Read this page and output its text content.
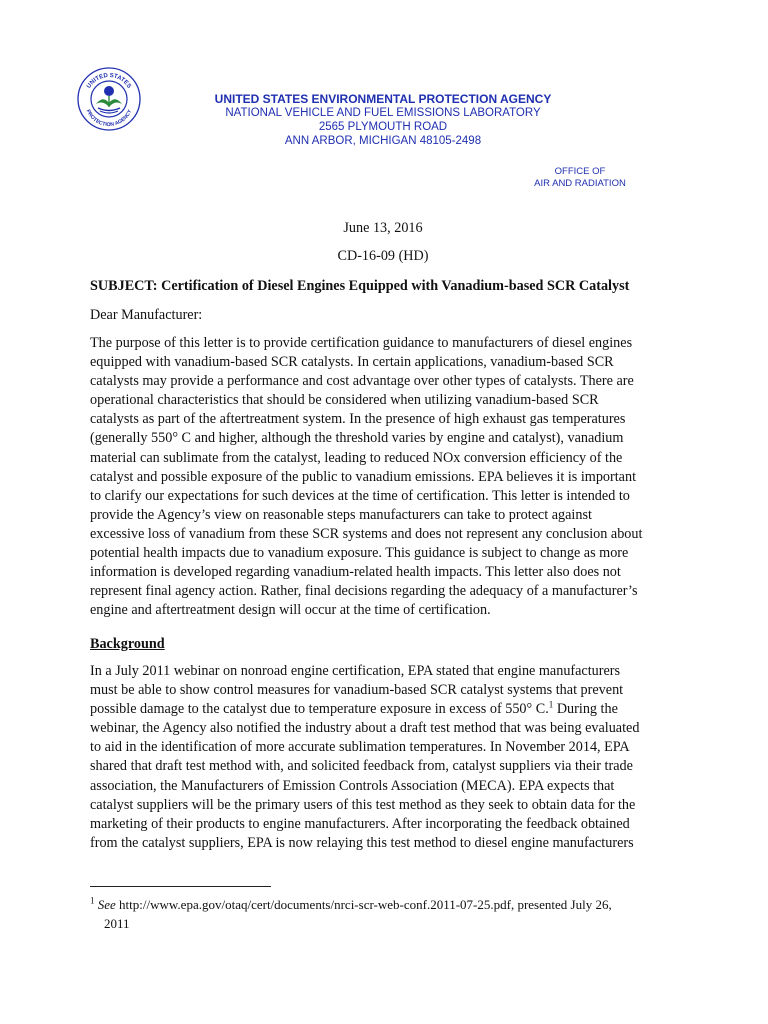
UNITED STATES
PROTECTION AGENCY
UNITED STATES ENVIRONMENTAL PROTECTION AGENCY
NATIONAL VEHICLE AND FUEL EMISSIONS LABORATORY
2565 PLYMOUTH ROAD
ANN ARBOR, MICHIGAN 48105-2498
OFFICE OF
AIR AND RADIATION
June 13, 2016
CD-16-09 (HD)
SUBJECT: Certification of Diesel Engines Equipped with Vanadium-based SCR Catalyst
Dear Manufacturer:
The purpose of this letter is to provide certification guidance to manufacturers of diesel engines
equipped with vanadium-based SCR catalysts. In certain applications, vanadium-based SCR
catalysts may provide a performance and cost advantage over other types of catalysts. There are
operational characteristics that should be considered when utilizing vanadium-based SCR
catalysts as part of the aftertreatment system. In the presence of high exhaust gas temperatures
(generally 550° C and higher, although the threshold varies by engine and catalyst), vanadium
material can sublimate from the catalyst, leading to reduced NOx conversion efficiency of the
catalyst and possible exposure of the public to vanadium emissions. EPA believes it is important
to clarify our expectations for such devices at the time of certification. This letter is intended to
provide the Agency’s view on reasonable steps manufacturers can take to protect against
excessive loss of vanadium from these SCR systems and does not represent any conclusion about
potential health impacts due to vanadium exposure. This guidance is subject to change as more
information is developed regarding vanadium-related health impacts. This letter also does not
represent final agency action. Rather, final decisions regarding the adequacy of a manufacturer’s
engine and aftertreatment design will occur at the time of certification.
Background
In a July 2011 webinar on nonroad engine certification, EPA stated that engine manufacturers
must be able to show control measures for vanadium-based SCR catalyst systems that prevent
possible damage to the catalyst due to temperature exposure in excess of 550° C.$^1$ During the
webinar, the Agency also notified the industry about a draft test method that was being evaluated
to aid in the identification of more accurate sublimation temperatures. In November 2014, EPA
shared that draft test method with, and solicited feedback from, catalyst suppliers via their trade
association, the Manufacturers of Emission Controls Association (MECA). EPA expects that
catalyst suppliers will be the primary users of this test method as they seek to obtain data for the
marketing of their products to engine manufacturers. After incorporating the feedback obtained
from the catalyst suppliers, EPA is now relaying this test method to diesel engine manufacturers
$^1$ See http://www.epa.gov/otaq/cert/documents/nrci-scr-web-conf.2011-07-25.pdf, presented July 26,
2011
